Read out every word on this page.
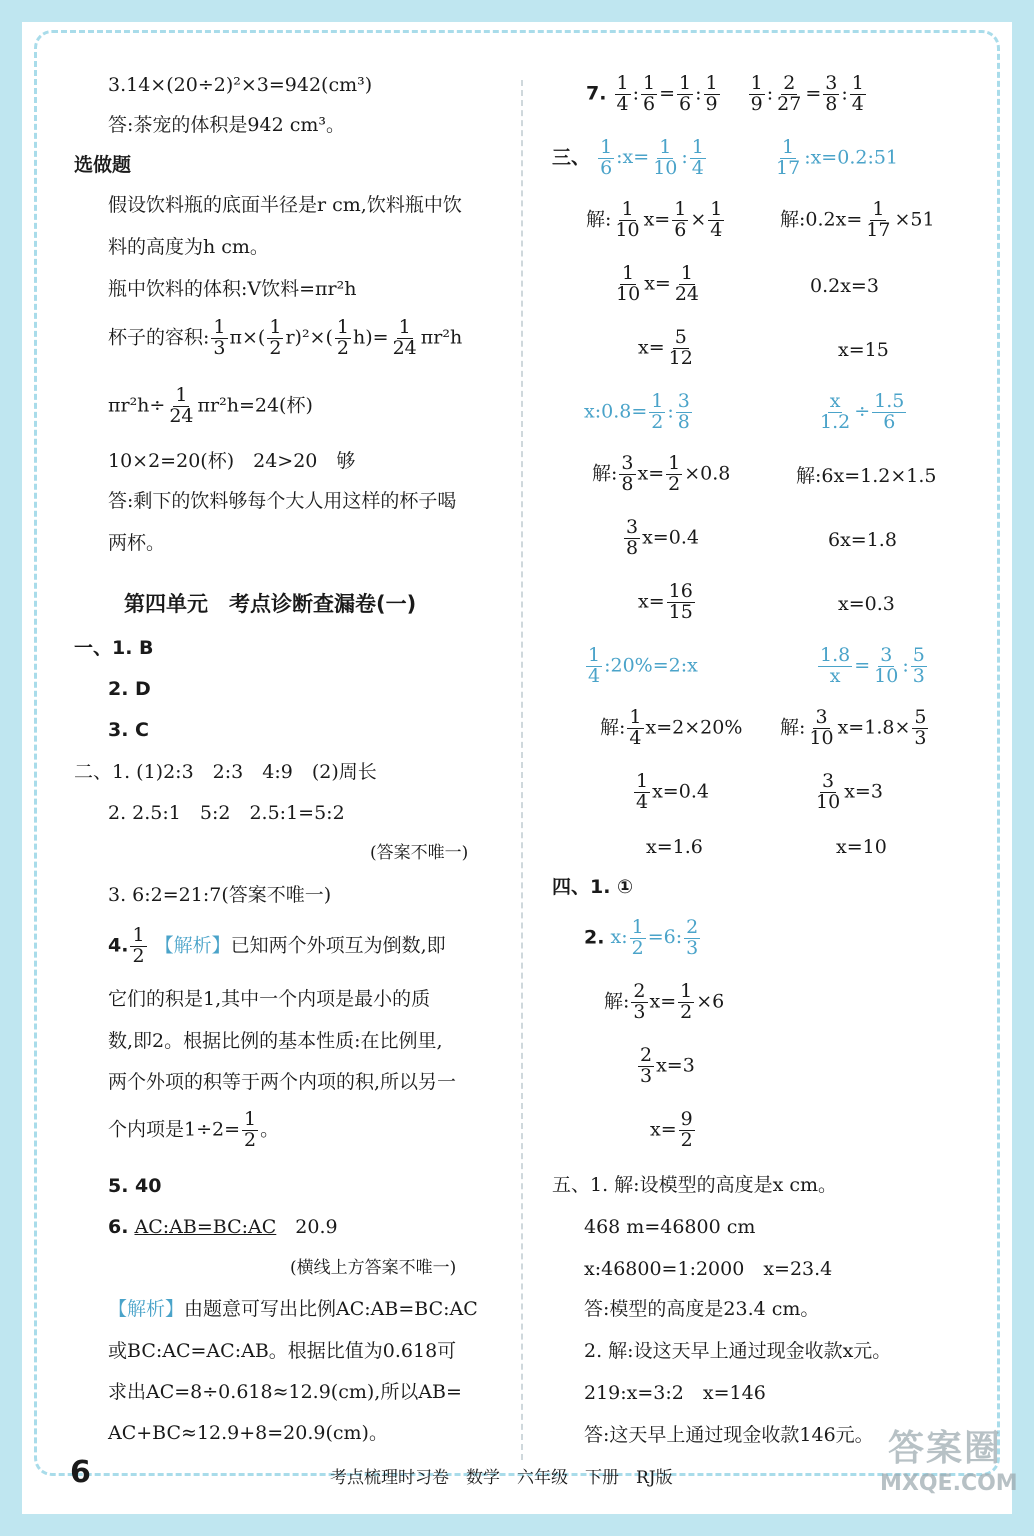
3.14×(20÷2)²×3=942(cm³)
答:茶宠的体积是942 cm³。
选做题
假设饮料瓶的底面半径是r cm,饮料瓶中饮
料的高度为h cm。
瓶中饮料的体积:V饮料=πr²h
杯子的容积: $\frac{1}{3} \pi\times( \frac{1}{2} r)^2\times( \frac{1}{2} h)= \frac{1}{24} \pi r^2h$
$\pi r^2h\div \frac{1}{24} \pi r^2h=24$(杯)
10×2=20(杯)　24>20　够
答:剩下的饮料够每个大人用这样的杯子喝
两杯。
第四单元　考点诊断查漏卷(一)
一、1. B
2. D
3. C
二、1. (1)2:3　2:3　4:9　(2)周长
2. 2.5:1　5:2　2.5:1=5:2
(答案不唯一)
3. 6:2=21:7(答案不唯一)
4. $\frac{1}{2}$ 【解析】已知两个外项互为倒数,即
它们的积是1,其中一个内项是最小的质
数,即2。根据比例的基本性质:在比例里,
两个外项的积等于两个内项的积,所以另一
个内项是$1\div 2= \frac{1}{2}$ 。
5. 40
6. AC:AB=BC:AC　 20.9
(横线上方答案不唯一)
【解析】由题意可写出比例AC:AB=BC:AC
或BC:AC=AC:AB。根据比值为0.618可
求出AC=8÷0.618≈12.9(cm),所以AB=
AC+BC≈12.9+8=20.9(cm)。
7. $\frac{1}{4}$ : $\frac{1}{6} = \frac{1}{6}$ : $\frac{1}{9}$
　 $\frac{1}{9}$ : $\frac{2}{27} = \frac{3}{8}$ : $\frac{1}{4}$
三、 $\frac{1}{6}$ :x= $\frac{1}{10}$ : $\frac{1}{4}$	$\frac{1}{17}$ :x=0.2:51
解: $\frac{1}{10} x= \frac{1}{6} \times \frac{1}{4}$	解:0.2x= $\frac{1}{17} \times 51$
$\frac{1}{10} x= \frac{1}{24}$	0.2x=3
$x= \frac{5}{12}$	x=15
x:0.8= $\frac{1}{2}$ : $\frac{3}{8}$	$\frac{x}{1.2} \div \frac{1.5}{6}$
解: $\frac{3}{8} x= \frac{1}{2} \times 0.8$	解:6x=1.2×1.5
$\frac{3}{8} x=0.4$	6x=1.8
$x= \frac{16}{15}$	x=0.3
$\frac{1}{4}$ :20%=2:x	$\frac{1.8}{x} = \frac{3}{10}$ : $\frac{5}{3}$
解: $\frac{1}{4} x=2\times 20\%$ 解: $\frac{3}{10} x=1.8\times \frac{5}{3}$
$\frac{1}{4} x=0.4$	$\frac{3}{10} x=3$
x=1.6	x=10
四、1. ①
2. x: $\frac{1}{2} =6$: $\frac{2}{3}$
解: $\frac{2}{3} x= \frac{1}{2} \times 6$
$\frac{2}{3} x=3$
$x= \frac{9}{2}$
五、1. 解:设模型的高度是x cm。
468 m=46800 cm
x:46800=1:2000　x=23.4
答:模型的高度是23.4 cm。
2. 解:设这天早上通过现金收款x元。
219:x=3:2　x=146
答:这天早上通过现金收款146元。
6	考点梳理时习卷　数学　六年级　下册　RJ版
答案圈
MXQE.COM
